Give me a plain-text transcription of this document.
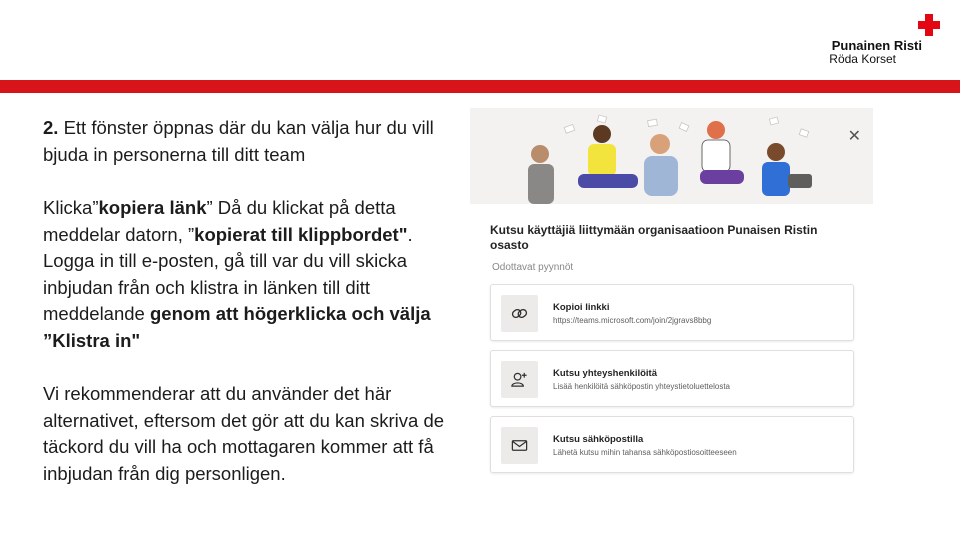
Punainen Risti
Röda Korset

2. Ett fönster öppnas där du kan välja hur du vill bjuda in personerna till ditt team

Klicka”kopiera länk” Då du klickat på detta meddelar datorn, ”kopierat till klippbordet". Logga in till e-posten, gå till var du vill skicka inbjudan från och klistra in länken till ditt meddelande genom att högerklicka och välja ”Klistra in"

Vi rekommenderar att du använder det här alternativet, eftersom det gör att du kan skriva de täckord du vill ha och mottagaren kommer att få inbjudan från dig personligen.

✕
Kutsu käyttäjiä liittymään organisaatioon Punaisen Ristin osasto
Odottavat pyynnöt
Kopioi linkki
https://teams.microsoft.com/join/2jgravs8bbg
Kutsu yhteyshenkilöitä
Lisää henkilöitä sähköpostin yhteystietoluettelosta
Kutsu sähköpostilla
Lähetä kutsu mihin tahansa sähköpostiosoitteeseen
